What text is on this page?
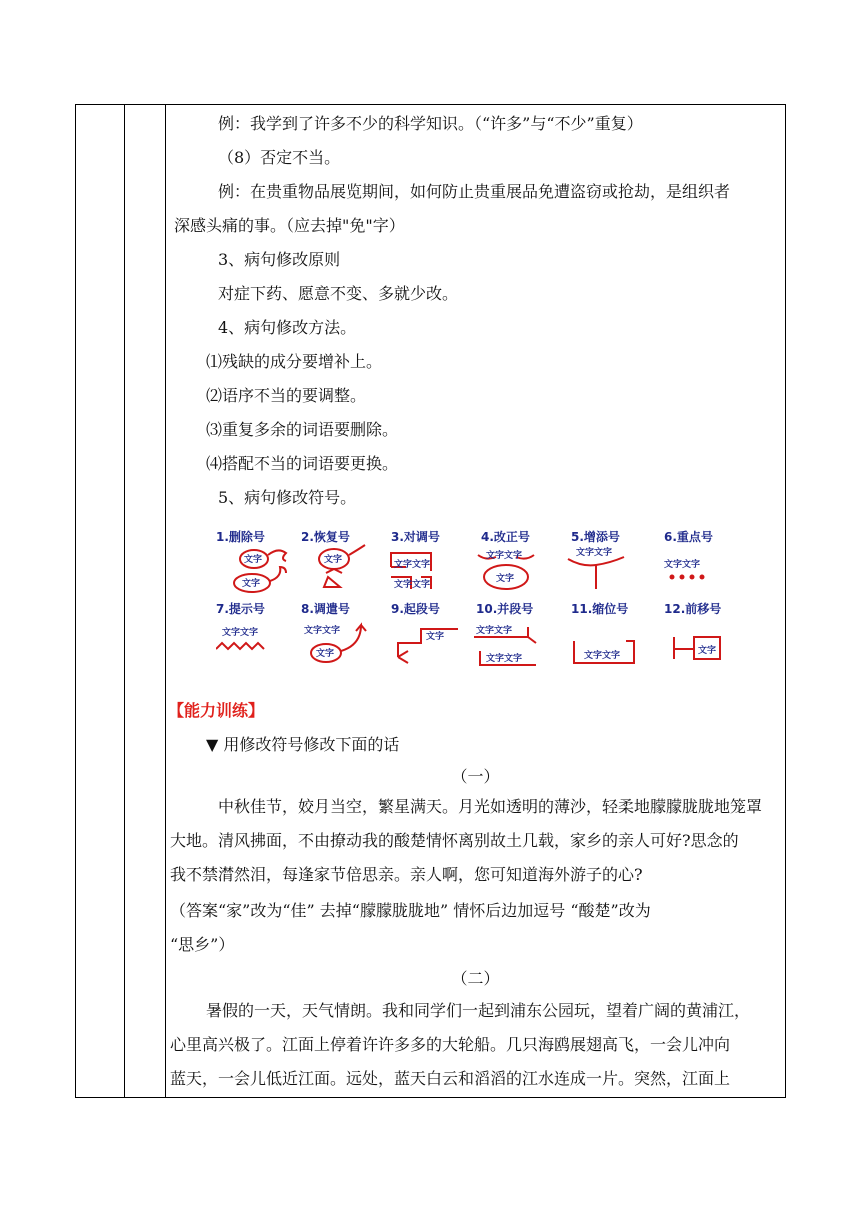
例：我学到了许多不少的科学知识。（“许多”与“不少”重复）
（8）否定不当。
例：在贵重物品展览期间，如何防止贵重展品免遭盗窃或抢劫，是组织者
深感头痛的事。（应去掉"免"字）
3、病句修改原则
对症下药、愿意不变、多就少改。
4、病句修改方法。
⑴残缺的成分要增补上。
⑵语序不当的要调整。
⑶重复多余的词语要删除。
⑷搭配不当的词语要更换。
5、病句修改符号。
1.删除号	2.恢复号	3.对调号	4.改正号	5.增添号	6.重点号
7.提示号	8.调遣号	9.起段号	10.并段号	11.缩位号	12.前移号
文字
文字
文字	文字文字
文字文字
文字文字
文字
文字文字
文字文字
文字文字	文字文字
文字
文字
文字文字
文字文字	文字文字	文字
【能力训练】
▼ 用修改符号修改下面的话
（一）
中秋佳节，姣月当空，繁星满天。月光如透明的薄沙，轻柔地朦朦胧胧地笼罩
大地。清风拂面，不由撩动我的酸楚情怀离别故土几载，家乡的亲人可好?思念的
我不禁潸然泪，每逢家节倍思亲。亲人啊，您可知道海外游子的心?
（答案“家”改为“佳” 去掉“朦朦胧胧地” 情怀后边加逗号 “酸楚”改为
“思乡”）
（二）
暑假的一天，天气情朗。我和同学们一起到浦东公园玩，望着广阔的黄浦江，
心里高兴极了。江面上停着许许多多的大轮船。几只海鸥展翅高飞，一会儿冲向
蓝天，一会儿低近江面。远处，蓝天白云和滔滔的江水连成一片。突然，江面上
